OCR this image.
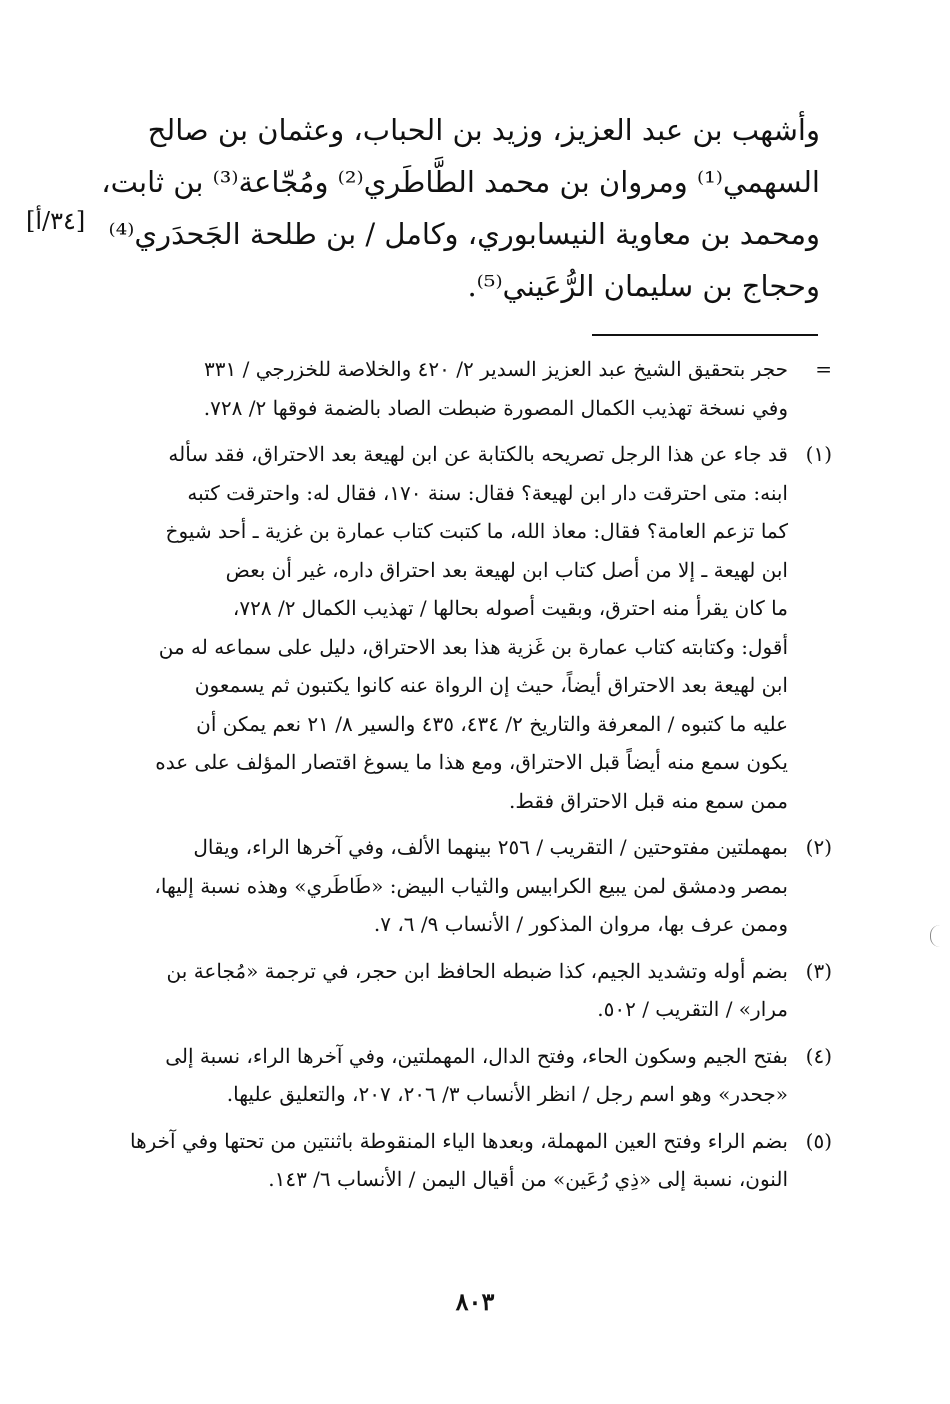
وأشهب بن عبد العزيز، وزيد بن الحباب، وعثمان بن صالح
السهمي⁽¹⁾ ومروان بن محمد الطَّاطَري⁽²⁾ ومُجّاعة⁽³⁾ بن ثابت،
ومحمد بن معاوية النيسابوري، وكامل / بن طلحة الجَحدَري⁽⁴⁾
وحجاج بن سليمان الرُّعَيني⁽⁵⁾.
[٣٤/أ]
=
حجر بتحقيق الشيخ عبد العزيز السدير ٢/ ٤٢٠ والخلاصة للخزرجي / ٣٣١
وفي نسخة تهذيب الكمال المصورة ضبطت الصاد بالضمة فوقها ٢/ ٧٢٨.
(١)
قد جاء عن هذا الرجل تصريحه بالكتابة عن ابن لهيعة بعد الاحتراق، فقد سأله
ابنه: متى احترقت دار ابن لهيعة؟ فقال: سنة ١٧٠، فقال له: واحترقت كتبه
كما تزعم العامة؟ فقال: معاذ الله، ما كتبت كتاب عمارة بن غزية ـ أحد شيوخ
ابن لهيعة ـ إلا من أصل كتاب ابن لهيعة بعد احتراق داره، غير أن بعض
ما كان يقرأ منه احترق، وبقيت أصوله بحالها / تهذيب الكمال ٢/ ٧٢٨،
أقول: وكتابته كتاب عمارة بن غَزية هذا بعد الاحتراق، دليل على سماعه له من
ابن لهيعة بعد الاحتراق أيضاً، حيث إن الرواة عنه كانوا يكتبون ثم يسمعون
عليه ما كتبوه / المعرفة والتاريخ ٢/ ٤٣٤، ٤٣٥ والسير ٨/ ٢١ نعم يمكن أن
يكون سمع منه أيضاً قبل الاحتراق، ومع هذا ما يسوغ اقتصار المؤلف على عده
ممن سمع منه قبل الاحتراق فقط.
(٢)
بمهملتين مفتوحتين / التقريب / ٢٥٦ بينهما الألف، وفي آخرها الراء، ويقال
بمصر ودمشق لمن يبيع الكرابيس والثياب البيض: «طَاطَري» وهذه نسبة إليها،
وممن عرف بها، مروان المذكور / الأنساب ٩/ ٦، ٧.
(٣)
بضم أوله وتشديد الجيم، كذا ضبطه الحافظ ابن حجر، في ترجمة «مُجاعة بن
مرار» / التقريب / ٥٠٢.
(٤)
بفتح الجيم وسكون الحاء، وفتح الدال، المهملتين، وفي آخرها الراء، نسبة إلى
«جحدر» وهو اسم رجل / انظر الأنساب ٣/ ٢٠٦، ٢٠٧، والتعليق عليها.
(٥)
بضم الراء وفتح العين المهملة، وبعدها الياء المنقوطة باثنتين من تحتها وفي آخرها
النون، نسبة إلى «ذِي رُعَين» من أقيال اليمن / الأنساب ٦/ ١٤٣.
٨٠٣
